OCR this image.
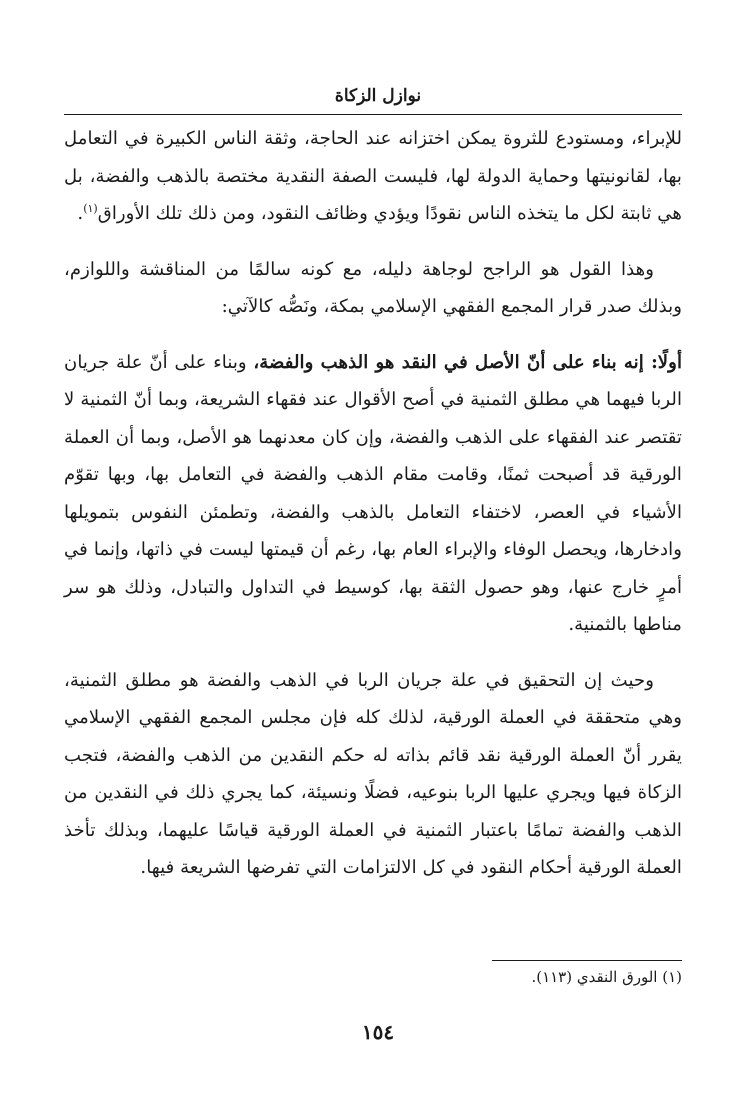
نوازل الزكاة

للإبراء، ومستودع للثروة يمكن اختزانه عند الحاجة، وثقة الناس الكبيرة في التعامل بها، لقانونيتها وحماية الدولة لها، فليست الصفة النقدية مختصة بالذهب والفضة، بل هي ثابتة لكل ما يتخذه الناس نقودًا ويؤدي وظائف النقود، ومن ذلك تلك الأوراق$^{(١)}$.

وهذا القول هو الراجح لوجاهة دليله، مع كونه سالمًا من المناقشة واللوازم، وبذلك صدر قرار المجمع الفقهي الإسلامي بمكة، ونَصُّه كالآتي:

أولًا: إنه بناء على أنّ الأصل في النقد هو الذهب والفضة، وبناء على أنّ علة جريان الربا فيهما هي مطلق الثمنية في أصح الأقوال عند فقهاء الشريعة، وبما أنّ الثمنية لا تقتصر عند الفقهاء على الذهب والفضة، وإن كان معدنهما هو الأصل، وبما أن العملة الورقية قد أصبحت ثمنًا، وقامت مقام الذهب والفضة في التعامل بها، وبها تقوّم الأشياء في العصر، لاختفاء التعامل بالذهب والفضة، وتطمئن النفوس بتمويلها وادخارها، ويحصل الوفاء والإبراء العام بها، رغم أن قيمتها ليست في ذاتها، وإنما في أمرٍ خارج عنها، وهو حصول الثقة بها، كوسيط في التداول والتبادل، وذلك هو سر مناطها بالثمنية.

وحيث إن التحقيق في علة جريان الربا في الذهب والفضة هو مطلق الثمنية، وهي متحققة في العملة الورقية، لذلك كله فإن مجلس المجمع الفقهي الإسلامي يقرر أنّ العملة الورقية نقد قائم بذاته له حكم النقدين من الذهب والفضة، فتجب الزكاة فيها ويجري عليها الربا بنوعيه، فضلًا ونسيئة، كما يجري ذلك في النقدين من الذهب والفضة تمامًا باعتبار الثمنية في العملة الورقية قياسًا عليهما، وبذلك تأخذ العملة الورقية أحكام النقود في كل الالتزامات التي تفرضها الشريعة فيها.

(١) الورق النقدي (١١٣).
١٥٤
